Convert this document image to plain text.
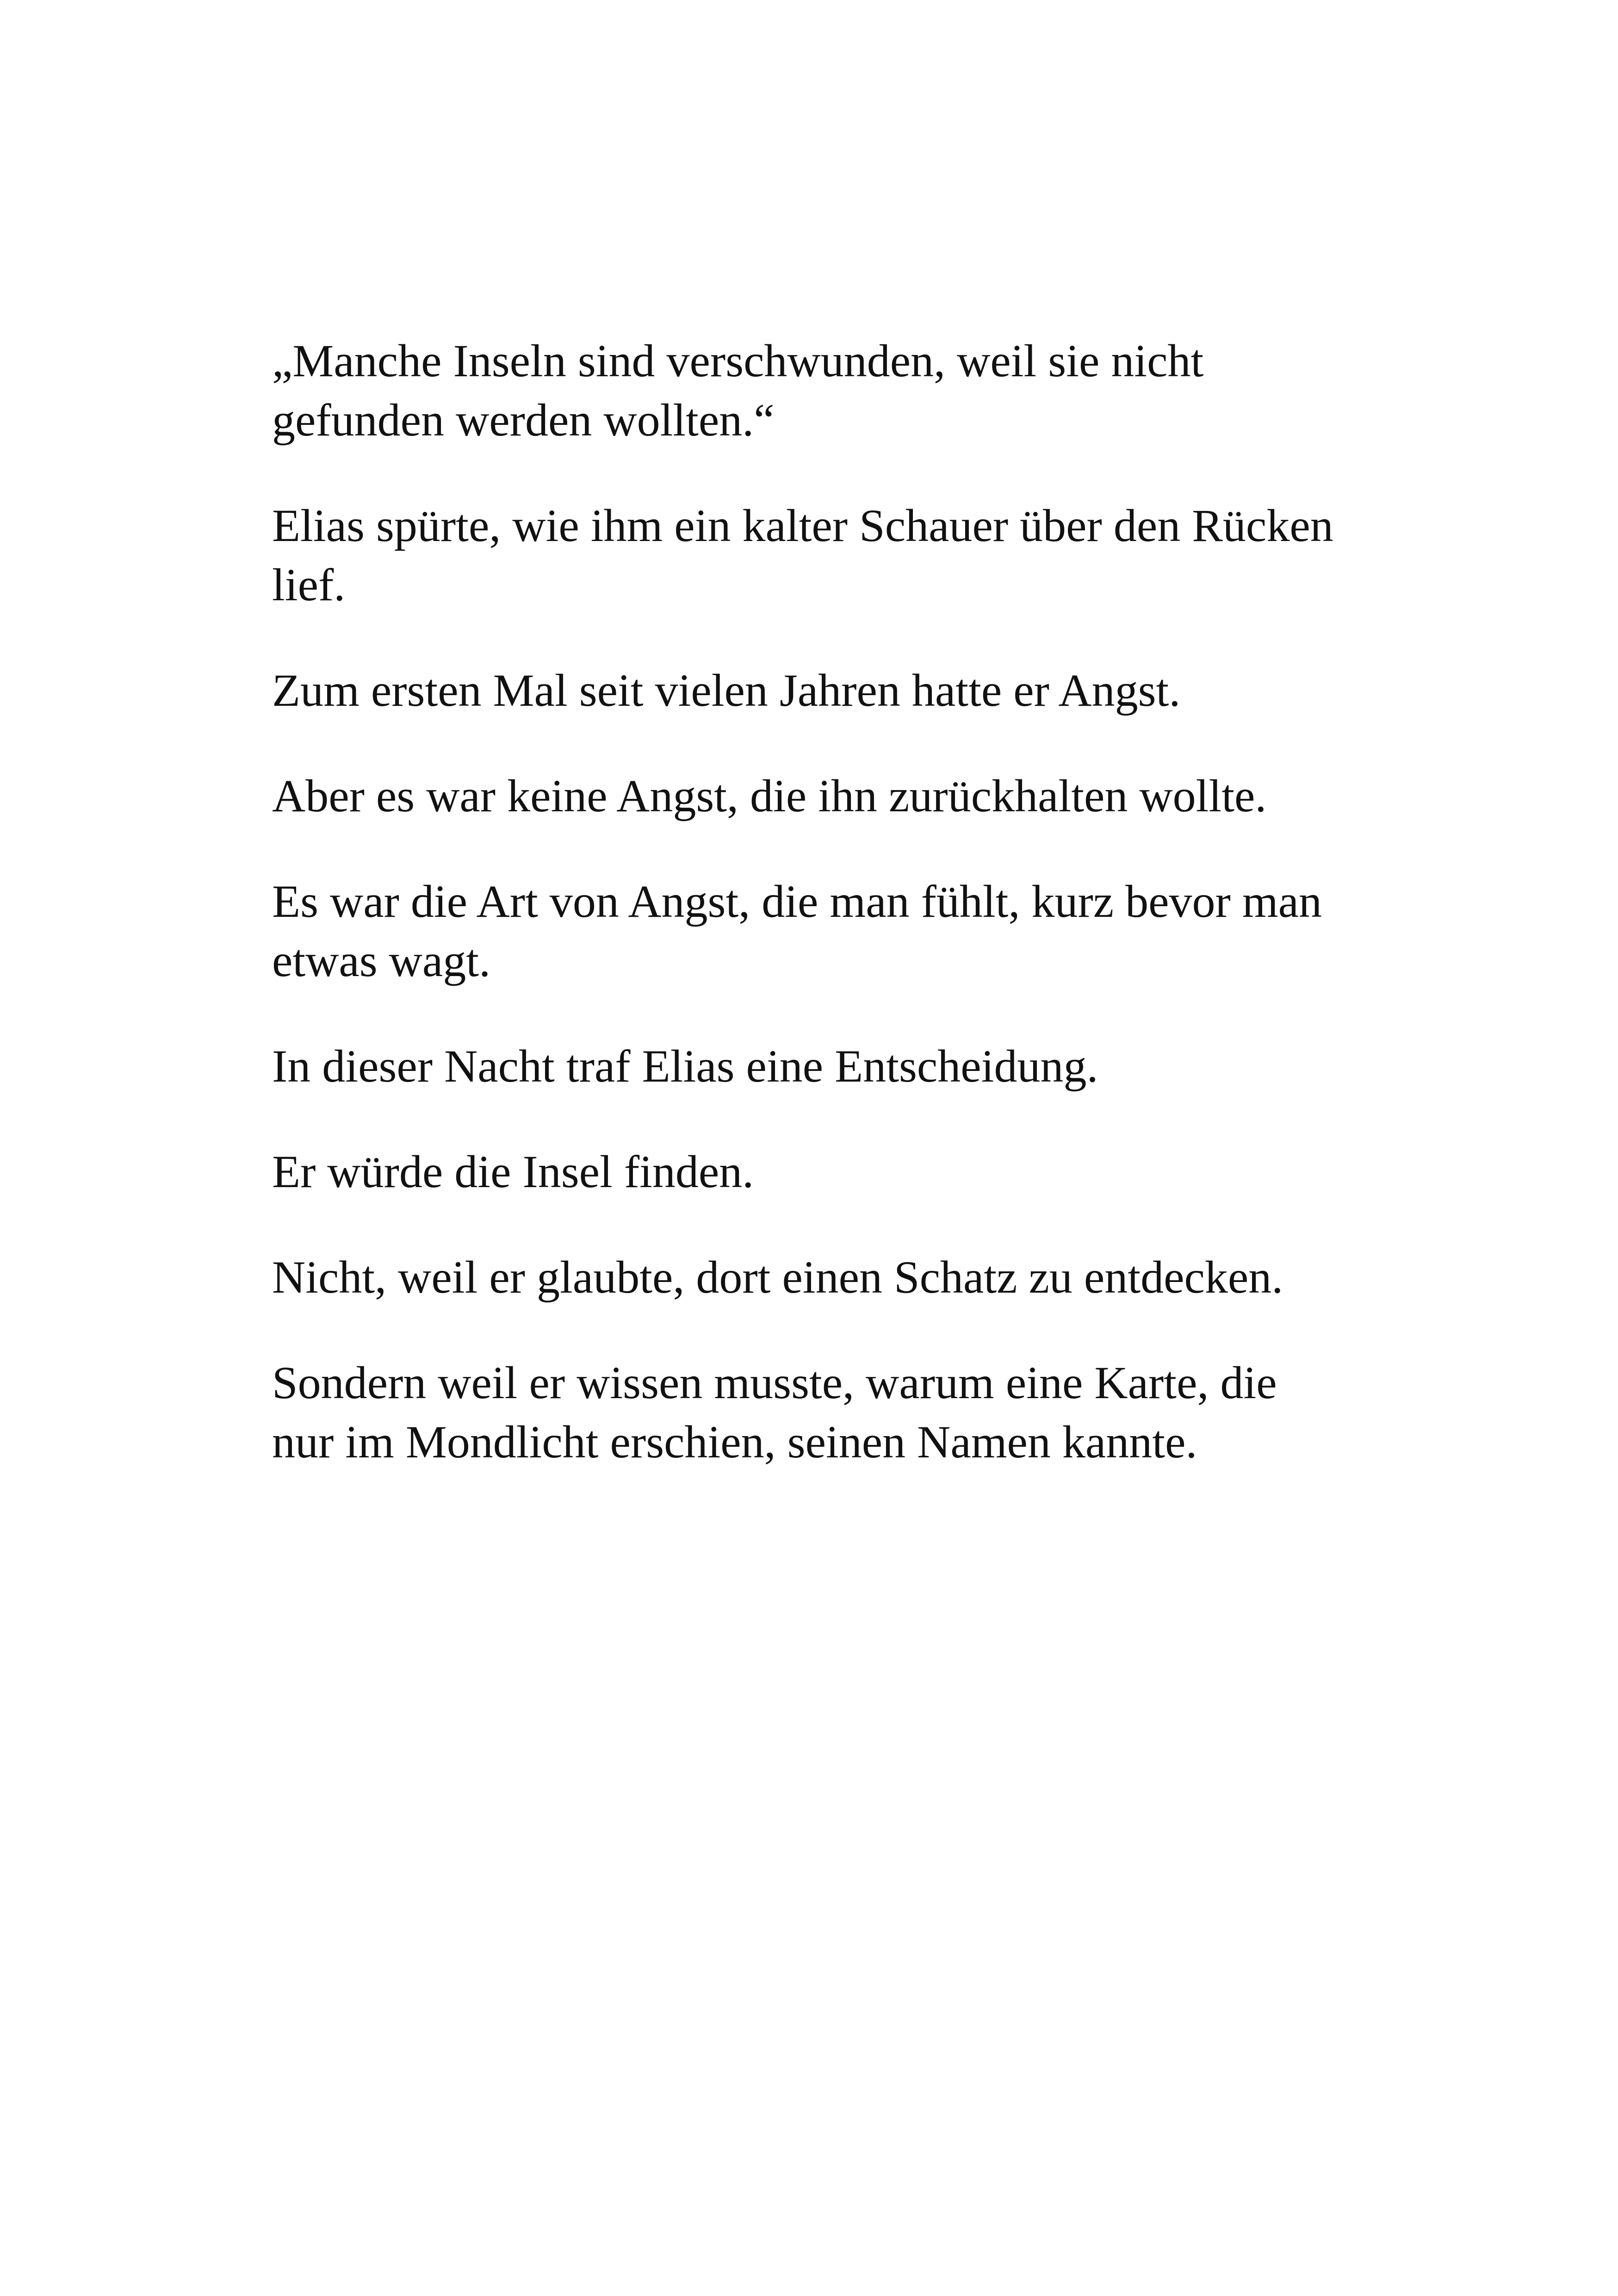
„Manche Inseln sind verschwunden, weil sie nicht
gefunden werden wollten.“

Elias spürte, wie ihm ein kalter Schauer über den Rücken
lief.

Zum ersten Mal seit vielen Jahren hatte er Angst.

Aber es war keine Angst, die ihn zurückhalten wollte.

Es war die Art von Angst, die man fühlt, kurz bevor man
etwas wagt.

In dieser Nacht traf Elias eine Entscheidung.

Er würde die Insel finden.

Nicht, weil er glaubte, dort einen Schatz zu entdecken.

Sondern weil er wissen musste, warum eine Karte, die
nur im Mondlicht erschien, seinen Namen kannte.
